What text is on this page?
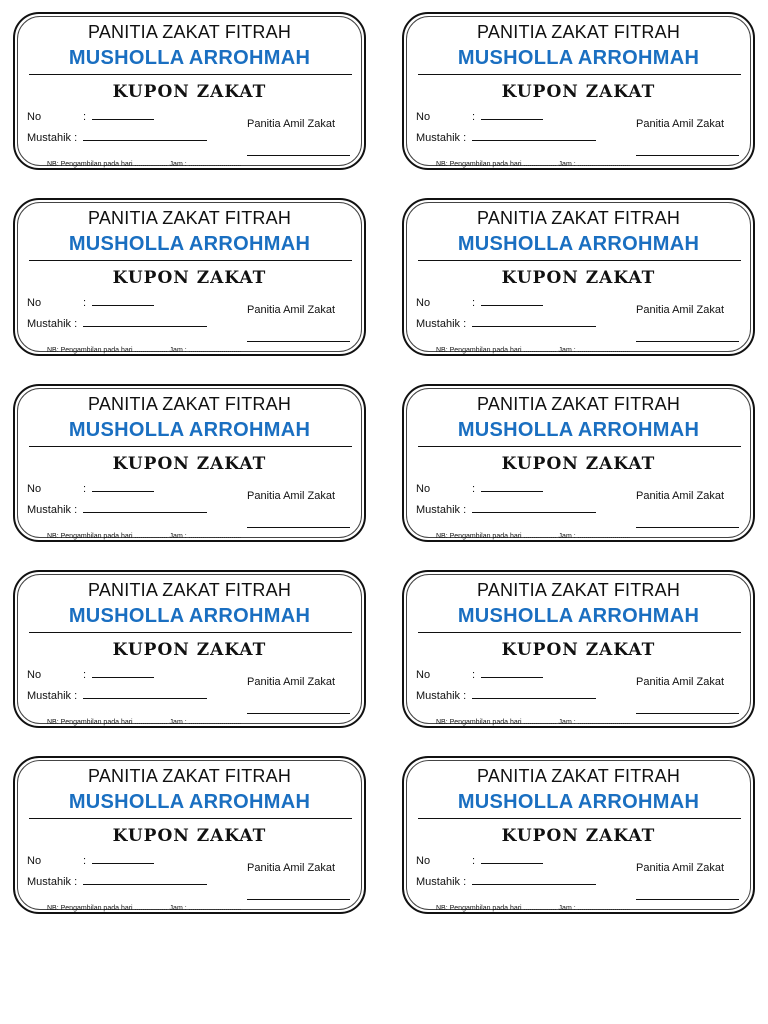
PANITIA ZAKAT FITRAH
MUSHOLLA ARROHMAH
KUPON ZAKAT
No	:
Mustahik :
Panitia Amil Zakat
NB: Pengambilan pada hari ................. Jam : ...........................
PANITIA ZAKAT FITRAH
MUSHOLLA ARROHMAH
KUPON ZAKAT
No	:
Mustahik :
Panitia Amil Zakat
NB: Pengambilan pada hari ................. Jam : ...........................
PANITIA ZAKAT FITRAH
MUSHOLLA ARROHMAH
KUPON ZAKAT
No	:
Mustahik :
Panitia Amil Zakat
NB: Pengambilan pada hari ................. Jam : ...........................
PANITIA ZAKAT FITRAH
MUSHOLLA ARROHMAH
KUPON ZAKAT
No	:
Mustahik :
Panitia Amil Zakat
NB: Pengambilan pada hari ................. Jam : ...........................
PANITIA ZAKAT FITRAH
MUSHOLLA ARROHMAH
KUPON ZAKAT
No	:
Mustahik :
Panitia Amil Zakat
NB: Pengambilan pada hari ................. Jam : ...........................
PANITIA ZAKAT FITRAH
MUSHOLLA ARROHMAH
KUPON ZAKAT
No	:
Mustahik :
Panitia Amil Zakat
NB: Pengambilan pada hari ................. Jam : ...........................
PANITIA ZAKAT FITRAH
MUSHOLLA ARROHMAH
KUPON ZAKAT
No	:
Mustahik :
Panitia Amil Zakat
NB: Pengambilan pada hari ................. Jam : ...........................
PANITIA ZAKAT FITRAH
MUSHOLLA ARROHMAH
KUPON ZAKAT
No	:
Mustahik :
Panitia Amil Zakat
NB: Pengambilan pada hari ................. Jam : ...........................
PANITIA ZAKAT FITRAH
MUSHOLLA ARROHMAH
KUPON ZAKAT
No	:
Mustahik :
Panitia Amil Zakat
NB: Pengambilan pada hari ................. Jam : ...........................
PANITIA ZAKAT FITRAH
MUSHOLLA ARROHMAH
KUPON ZAKAT
No	:
Mustahik :
Panitia Amil Zakat
NB: Pengambilan pada hari ................. Jam : ...........................
